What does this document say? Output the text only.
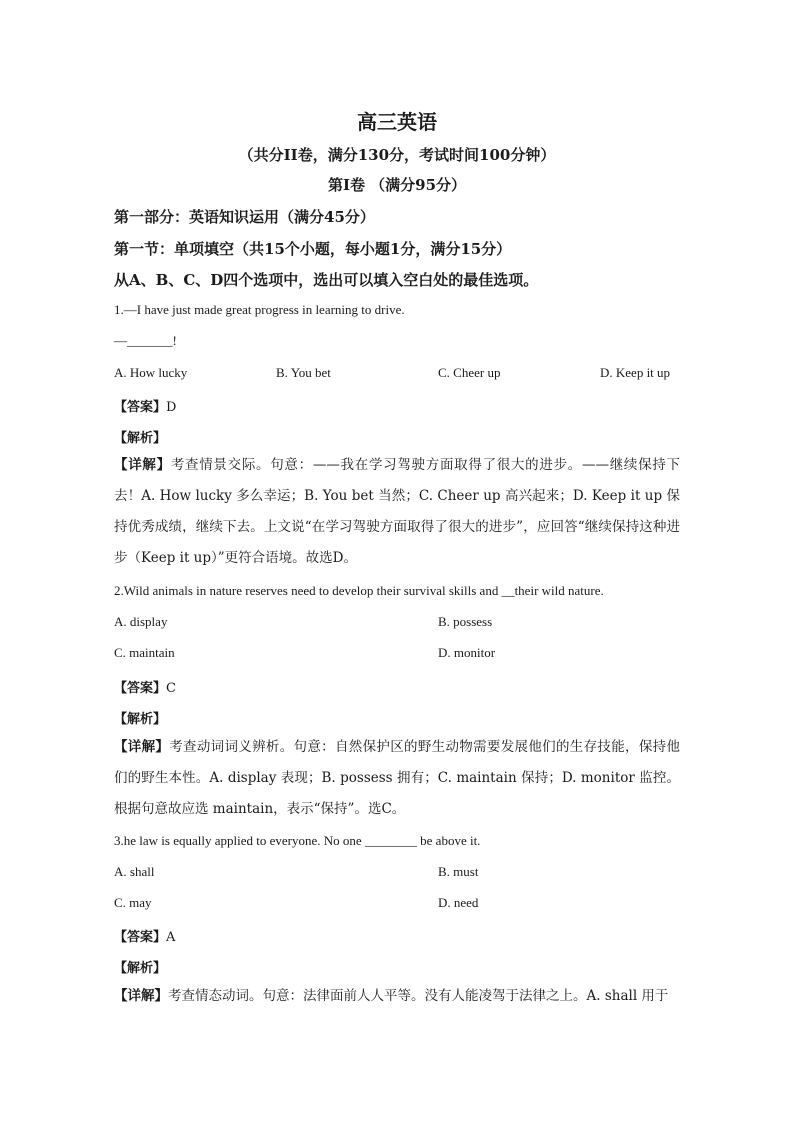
高三英语
（共分II卷，满分130分，考试时间100分钟）
第I卷 （满分95分）
第一部分：英语知识运用（满分45分）
第一节：单项填空（共15个小题，每小题1分，满分15分）
从A、B、C、D四个选项中，选出可以填入空白处的最佳选项。
1.—I have just made great progress in learning to drive.
—_______!
A. How lucky	B. You bet	C. Cheer up	D. Keep it up
【答案】D
【解析】
【详解】考查情景交际。句意：——我在学习驾驶方面取得了很大的进步。——继续保持下去！A. How lucky 多么幸运；B. You bet 当然；C. Cheer up 高兴起来；D. Keep it up 保持优秀成绩，继续下去。上文说“在学习驾驶方面取得了很大的进步”，应回答“继续保持这种进步（Keep it up）”更符合语境。故选D。
2.Wild animals in nature reserves need to develop their survival skills and __their wild nature.
A. display	B. possess
C. maintain	D. monitor
【答案】C
【解析】
【详解】考查动词词义辨析。句意：自然保护区的野生动物需要发展他们的生存技能，保持他们的野生本性。A. display 表现；B. possess 拥有；C. maintain 保持；D. monitor 监控。根据句意故应选 maintain，表示“保持”。选C。
3.he law is equally applied to everyone. No one ________ be above it.
A. shall	B. must
C. may	D. need
【答案】A
【解析】
【详解】考查情态动词。句意：法律面前人人平等。没有人能凌驾于法律之上。A. shall 用于
